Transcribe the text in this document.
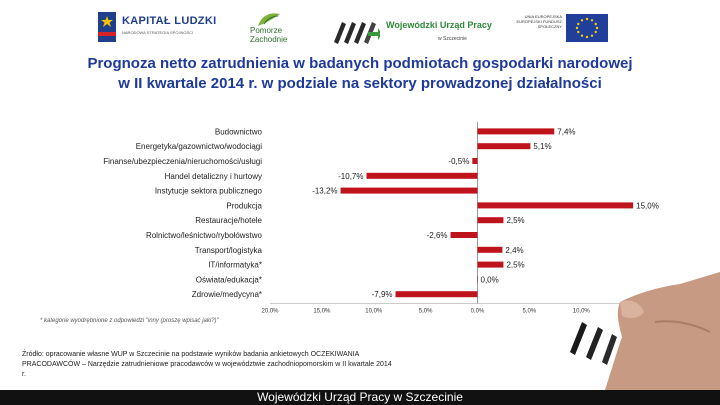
KAPITAŁ LUDZKI
NARODOWA STRATEGIA SPÓJNOŚCI	Pomorze Zachodnie
Wojewódzki Urząd Pracy
w Szczecinie
UNIA EUROPEJSKA EUROPEJSKI FUNDUSZ SPOŁECZNY
Prognoza netto zatrudnienia w badanych podmiotach gospodarki narodowej
w II kwartale 2014 r. w podziale na sektory prowadzonej działalności
Budownictwo	7,4%
Energetyka/gazownictwo/wodociągi	5,1%
Finanse/ubezpieczenia/nieruchomości/usługi	-0,5%
Handel detaliczny i hurtowy	-10,7%
Instytucje sektora publicznego	-13,2%
Produkcja	15,0%
Restauracje/hotele	2,5%
Rolnictwo/leśnictwo/rybołówstwo	-2,6%
Transport/logistyka	2,4%
IT/informatyka*	2,5%
Oświata/edukacja*	0,0%
Zdrowie/medycyna*	-7,9%
20,0%	15,0%	10,0%	5,0%	0,0%	5,0%	10,0%
* kategorie wyodrębnione z odpowiedzi "inny (proszę wpisać jaki?)"
Źródło: opracowanie własne WUP w Szczecinie na podstawie wyników badania ankietowych OCZEKIWANIA PRACODAWCÓW – Narzędzie zatrudnieniowe pracodawców w województwie zachodniopomorskim w II kwartale 2014 r.
Wojewódzki Urząd Pracy w Szczecinie
